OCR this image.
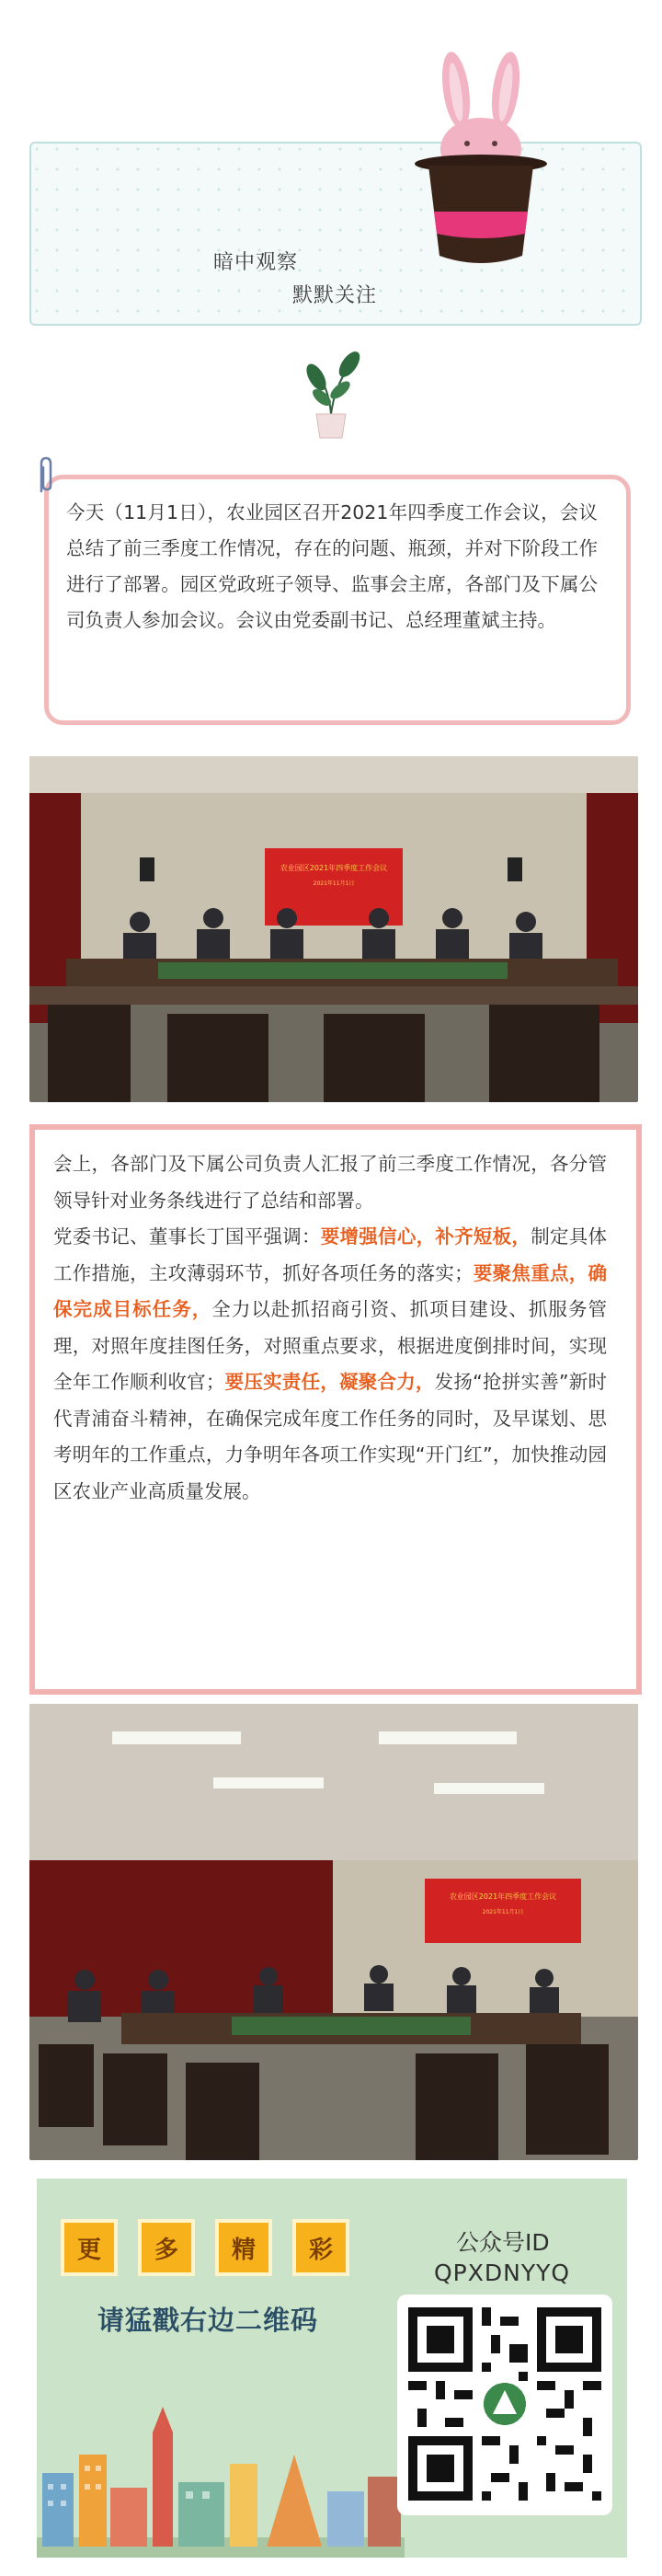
暗中观察
默默关注
今天（11月1日），农业园区召开2021年四季度工作会议，会议总结了前三季度工作情况，存在的问题、瓶颈，并对下阶段工作进行了部署。园区党政班子领导、监事会主席，各部门及下属公司负责人参加会议。会议由党委副书记、总经理董斌主持。
农业园区2021年四季度工作会议
2021年11月1日

会上，各部门及下属公司负责人汇报了前三季度工作情况，各分管领导针对业务条线进行了总结和部署。

党委书记、董事长丁国平强调：要增强信心，补齐短板，制定具体工作措施，主攻薄弱环节，抓好各项任务的落实；要聚焦重点，确保完成目标任务，全力以赴抓招商引资、抓项目建设、抓服务管理，对照年度挂图任务，对照重点要求，根据进度倒排时间，实现全年工作顺利收官；要压实责任，凝聚合力，发扬“抢拼实善”新时代青浦奋斗精神，在确保完成年度工作任务的同时，及早谋划、思考明年的工作重点，力争明年各项工作实现“开门红”，加快推动园区农业产业高质量发展。

农业园区2021年四季度工作会议
2021年11月1日
更	多	精	彩
请猛戳右边二维码
公众号ID
QPXDNYYQ
